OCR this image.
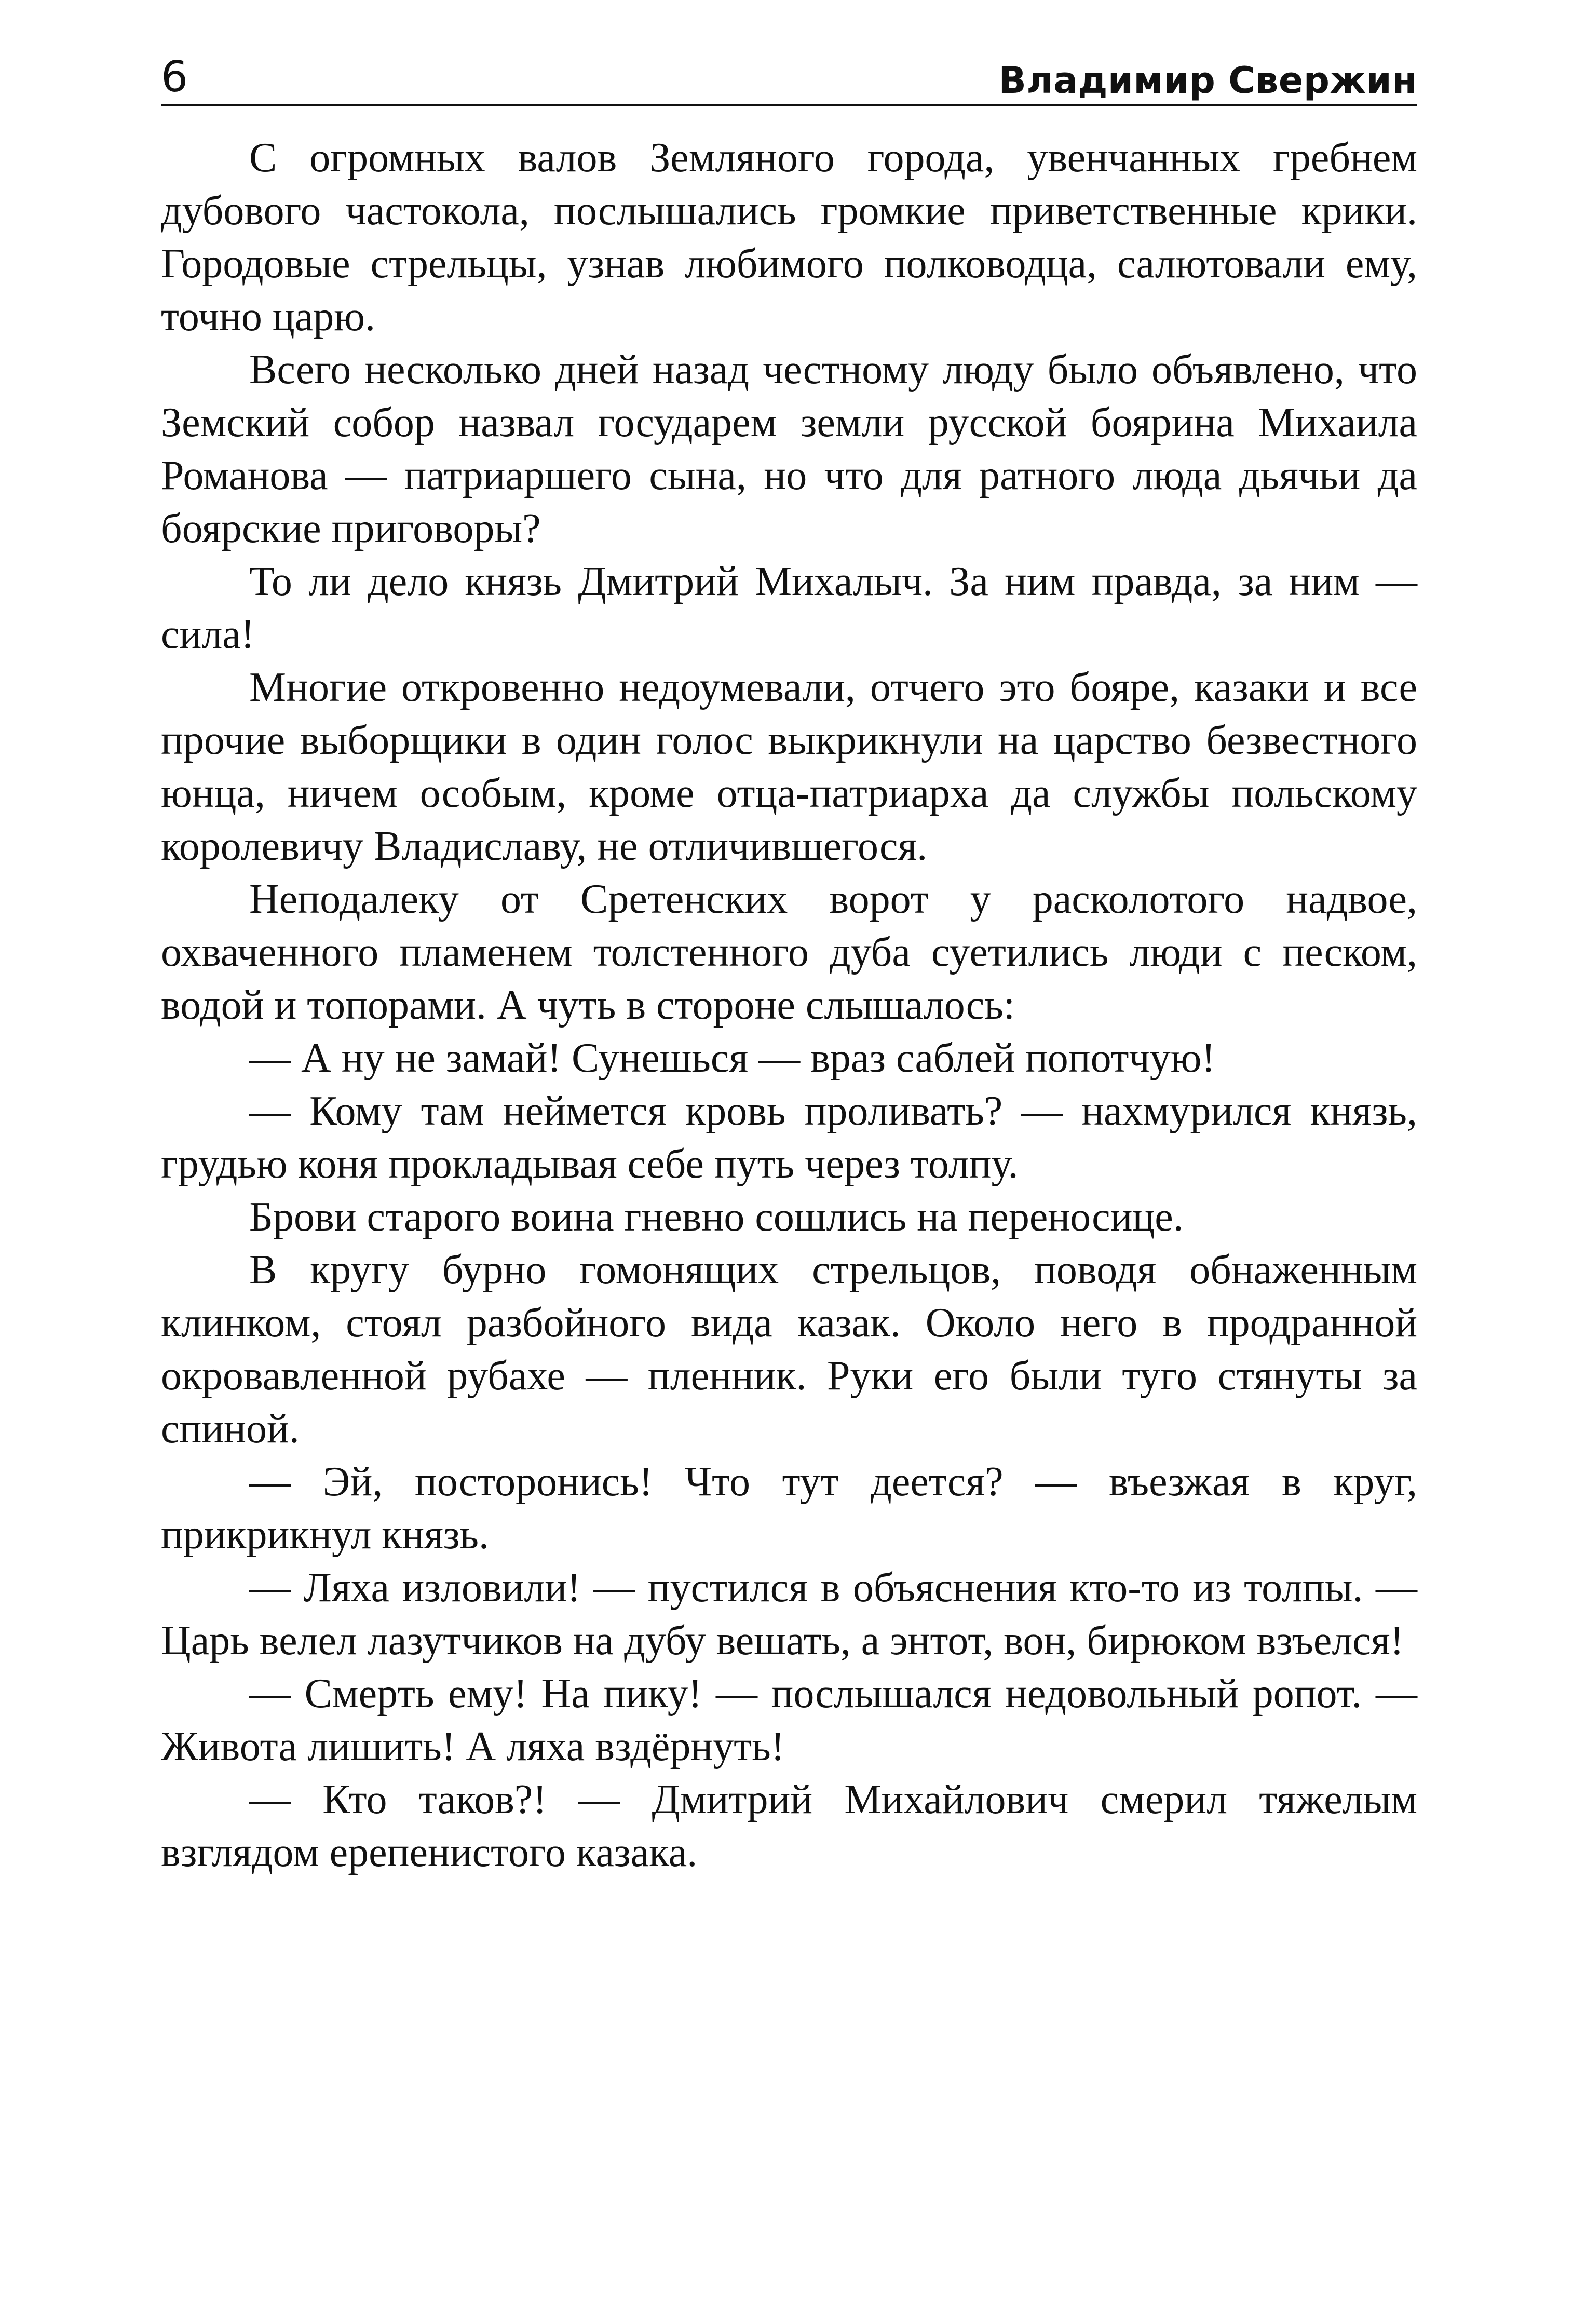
6	Владимир Свержин

С огромных валов Земляного города, увенчанных гребнем дубового частокола, послышались громкие приветственные крики. Городовые стрельцы, узнав любимого полководца, салютовали ему, точно царю.

Всего несколько дней назад честному люду было объявлено, что Земский собор назвал государем земли русской боярина Михаила Романова — патриаршего сына, но что для ратного люда дьячьи да боярские приговоры?

То ли дело князь Дмитрий Михалыч. За ним правда, за ним — сила!

Многие откровенно недоумевали, отчего это бояре, казаки и все прочие выборщики в один голос выкрикнули на царство безвестного юнца, ничем особым, кроме отца-патриарха да службы польскому королевичу Владиславу, не отличившегося.

Неподалеку от Сретенских ворот у расколотого надвое, охваченного пламенем толстенного дуба суетились люди с песком, водой и топорами. А чуть в стороне слышалось:

— А ну не замай! Сунешься — враз саблей попотчую!

— Кому там неймется кровь проливать? — нахмурился князь, грудью коня прокладывая себе путь через толпу.

Брови старого воина гневно сошлись на переносице.

В кругу бурно гомонящих стрельцов, поводя обнаженным клинком, стоял разбойного вида казак. Около него в продранной окровавленной рубахе — пленник. Руки его были туго стянуты за спиной.

— Эй, посторонись! Что тут деется? — въезжая в круг, прикрикнул князь.

— Ляха изловили! — пустился в объяснения кто-то из толпы. — Царь велел лазутчиков на дубу вешать, а энтот, вон, бирюком взъелся!

— Смерть ему! На пику! — послышался недовольный ропот. — Живота лишить! А ляха вздёрнуть!

— Кто таков?! — Дмитрий Михайлович смерил тяжелым взглядом ерепенистого казака.
